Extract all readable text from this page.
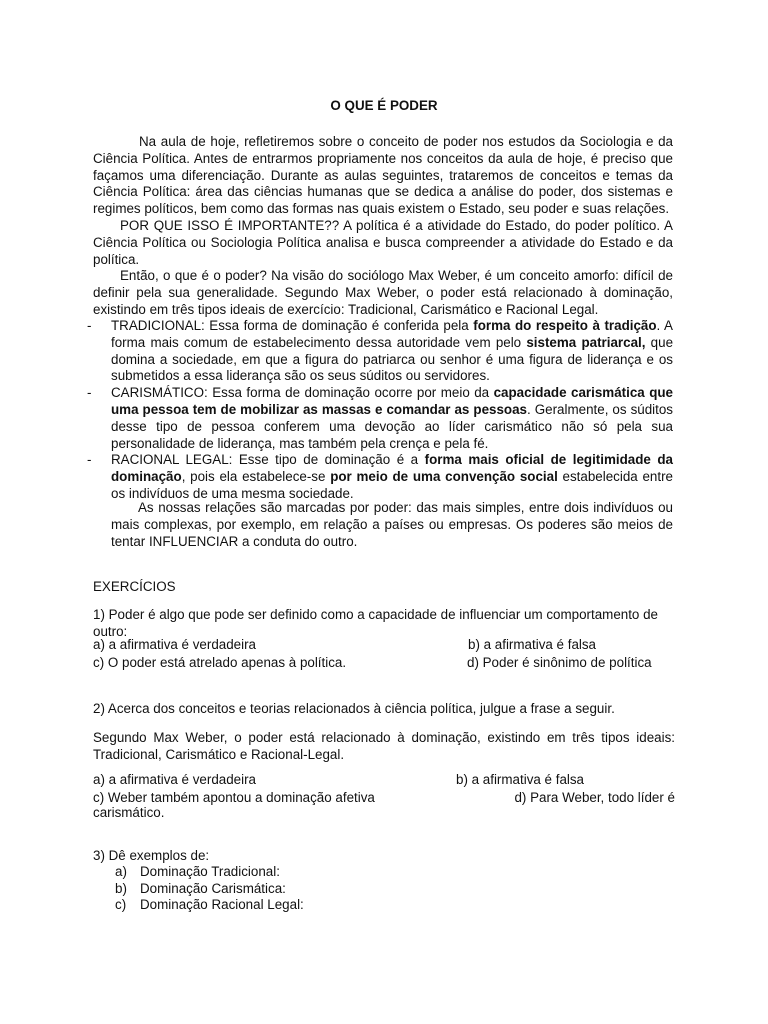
O QUE É PODER

Na aula de hoje, refletiremos sobre o conceito de poder nos estudos da Sociologia e da Ciência Política. Antes de entrarmos propriamente nos conceitos da aula de hoje, é preciso que façamos uma diferenciação. Durante as aulas seguintes, trataremos de conceitos e temas da Ciência Política: área das ciências humanas que se dedica a análise do poder, dos sistemas e regimes políticos, bem como das formas nas quais existem o Estado, seu poder e suas relações.

POR QUE ISSO É IMPORTANTE?? A política é a atividade do Estado, do poder político. A Ciência Política ou Sociologia Política analisa e busca compreender a atividade do Estado e da política.

Então, o que é o poder? Na visão do sociólogo Max Weber, é um conceito amorfo: difícil de definir pela sua generalidade. Segundo Max Weber, o poder está relacionado à dominação, existindo em três tipos ideais de exercício: Tradicional, Carismático e Racional Legal.

- TRADICIONAL: Essa forma de dominação é conferida pela forma do respeito à tradição. A forma mais comum de estabelecimento dessa autoridade vem pelo sistema patriarcal, que domina a sociedade, em que a figura do patriarca ou senhor é uma figura de liderança e os submetidos a essa liderança são os seus súditos ou servidores.
- CARISMÁTICO: Essa forma de dominação ocorre por meio da capacidade carismática que uma pessoa tem de mobilizar as massas e comandar as pessoas. Geralmente, os súditos desse tipo de pessoa conferem uma devoção ao líder carismático não só pela sua personalidade de liderança, mas também pela crença e pela fé.
- RACIONAL LEGAL: Esse tipo de dominação é a forma mais oficial de legitimidade da dominação, pois ela estabelece-se por meio de uma convenção social estabelecida entre os indivíduos de uma mesma sociedade.

As nossas relações são marcadas por poder: das mais simples, entre dois indivíduos ou mais complexas, por exemplo, em relação a países ou empresas. Os poderes são meios de tentar INFLUENCIAR a conduta do outro.

EXERCÍCIOS
1) Poder é algo que pode ser definido como a capacidade de influenciar um comportamento de outro:
a) a afirmativa é verdadeira	b) a afirmativa é falsa
c) O poder está atrelado apenas à política.	d) Poder é sinônimo de política
2) Acerca dos conceitos e teorias relacionados à ciência política, julgue a frase a seguir.
Segundo Max Weber, o poder está relacionado à dominação, existindo em três tipos ideais: Tradicional, Carismático e Racional-Legal.
a) a afirmativa é verdadeira	b) a afirmativa é falsa
c) Weber também apontou a dominação afetiva	d) Para Weber, todo líder é
carismático.
3) Dê exemplos de:
a) Dominação Tradicional:
b) Dominação Carismática:
c) Dominação Racional Legal:
